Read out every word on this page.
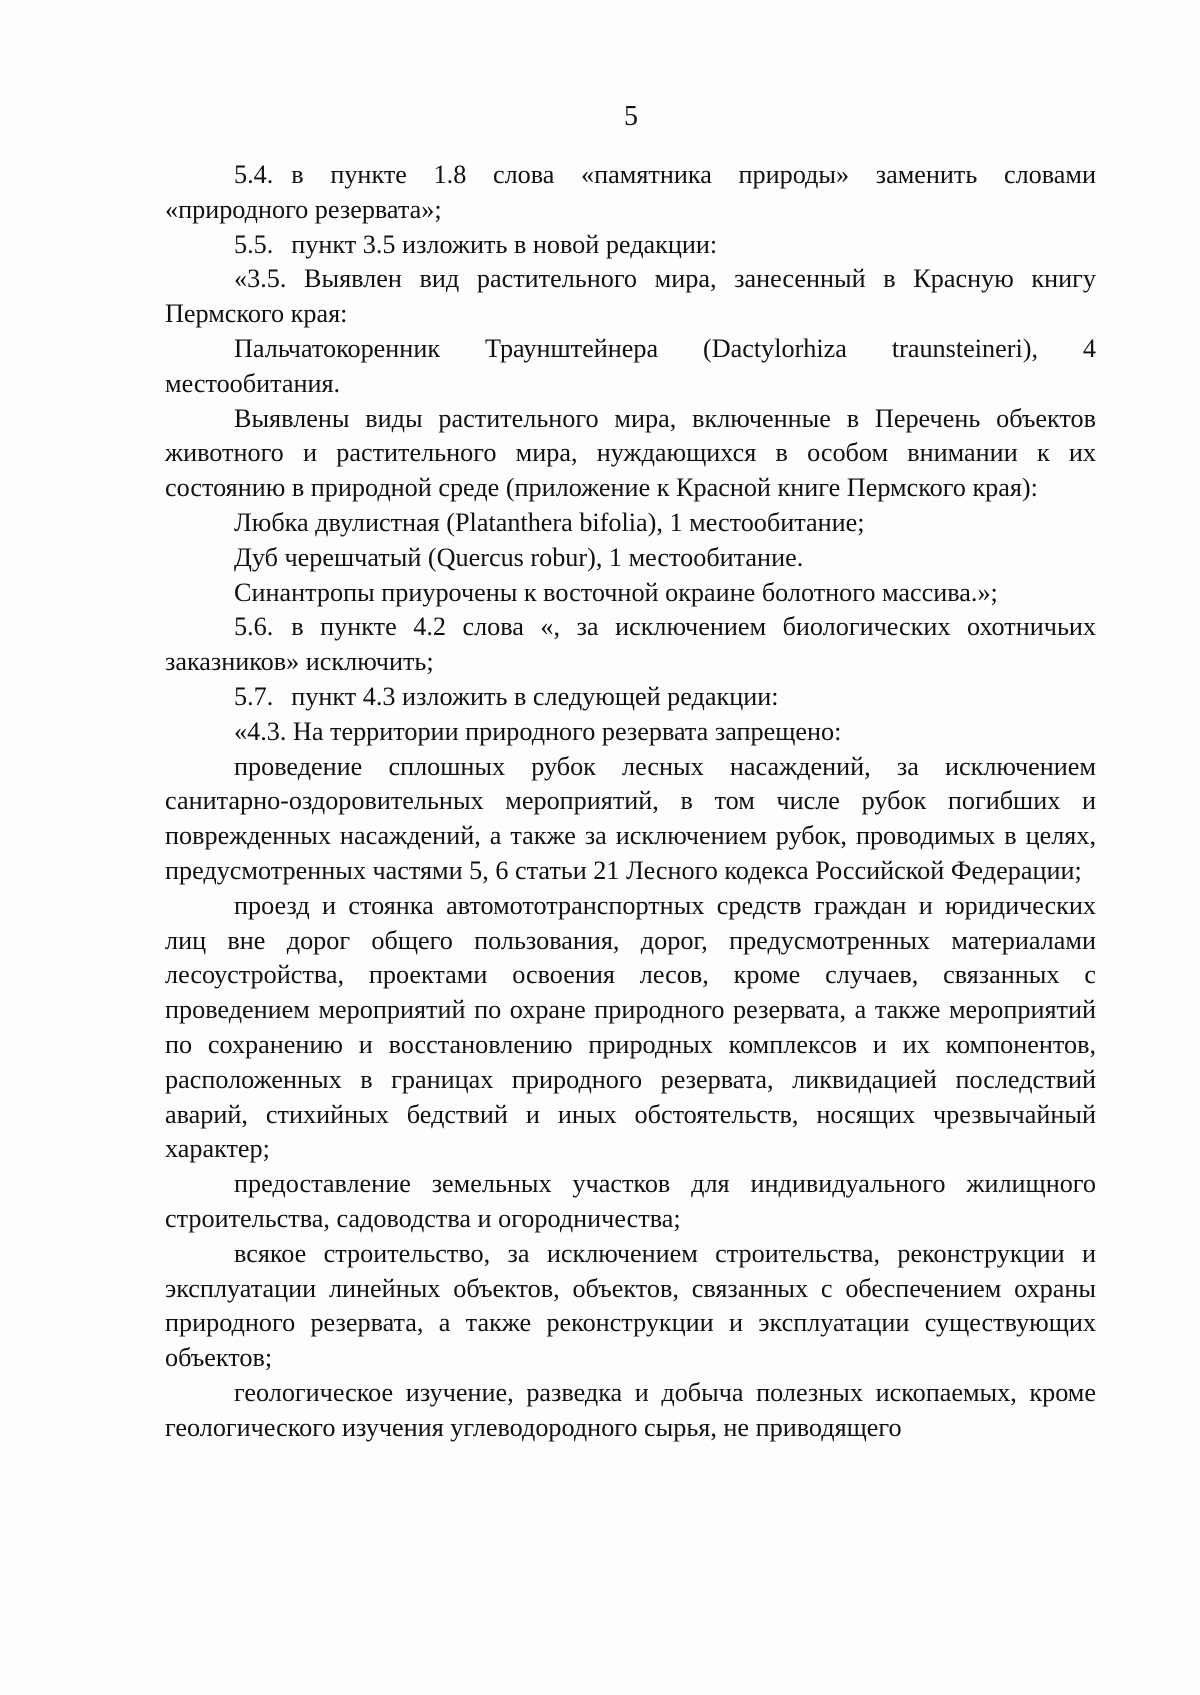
5

5.4. в пункте 1.8 слова «памятника природы» заменить словами «природного резервата»;

5.5. пункт 3.5 изложить в новой редакции:

«3.5. Выявлен вид растительного мира, занесенный в Красную книгу Пермского края:

Пальчатокоренник Траунштейнера (Dactylorhiza traunsteineri), 4 местообитания.

Выявлены виды растительного мира, включенные в Перечень объектов животного и растительного мира, нуждающихся в особом внимании к их состоянию в природной среде (приложение к Красной книге Пермского края):

Любка двулистная (Platanthera bifolia), 1 местообитание;

Дуб черешчатый (Quercus robur), 1 местообитание.

Синантропы приурочены к восточной окраине болотного массива.»;

5.6. в пункте 4.2 слова «, за исключением биологических охотничьих заказников» исключить;

5.7. пункт 4.3 изложить в следующей редакции:

«4.3. На территории природного резервата запрещено:

проведение сплошных рубок лесных насаждений, за исключением санитарно-оздоровительных мероприятий, в том числе рубок погибших и поврежденных насаждений, а также за исключением рубок, проводимых в целях, предусмотренных частями 5, 6 статьи 21 Лесного кодекса Российской Федерации;

проезд и стоянка автомототранспортных средств граждан и юридических лиц вне дорог общего пользования, дорог, предусмотренных материалами лесоустройства, проектами освоения лесов, кроме случаев, связанных с проведением мероприятий по охране природного резервата, а также мероприятий по сохранению и восстановлению природных комплексов и их компонентов, расположенных в границах природного резервата, ликвидацией последствий аварий, стихийных бедствий и иных обстоятельств, носящих чрезвычайный характер;

предоставление земельных участков для индивидуального жилищного строительства, садоводства и огородничества;

всякое строительство, за исключением строительства, реконструкции и эксплуатации линейных объектов, объектов, связанных с обеспечением охраны природного резервата, а также реконструкции и эксплуатации существующих объектов;

геологическое изучение, разведка и добыча полезных ископаемых, кроме геологического изучения углеводородного сырья, не приводящего
